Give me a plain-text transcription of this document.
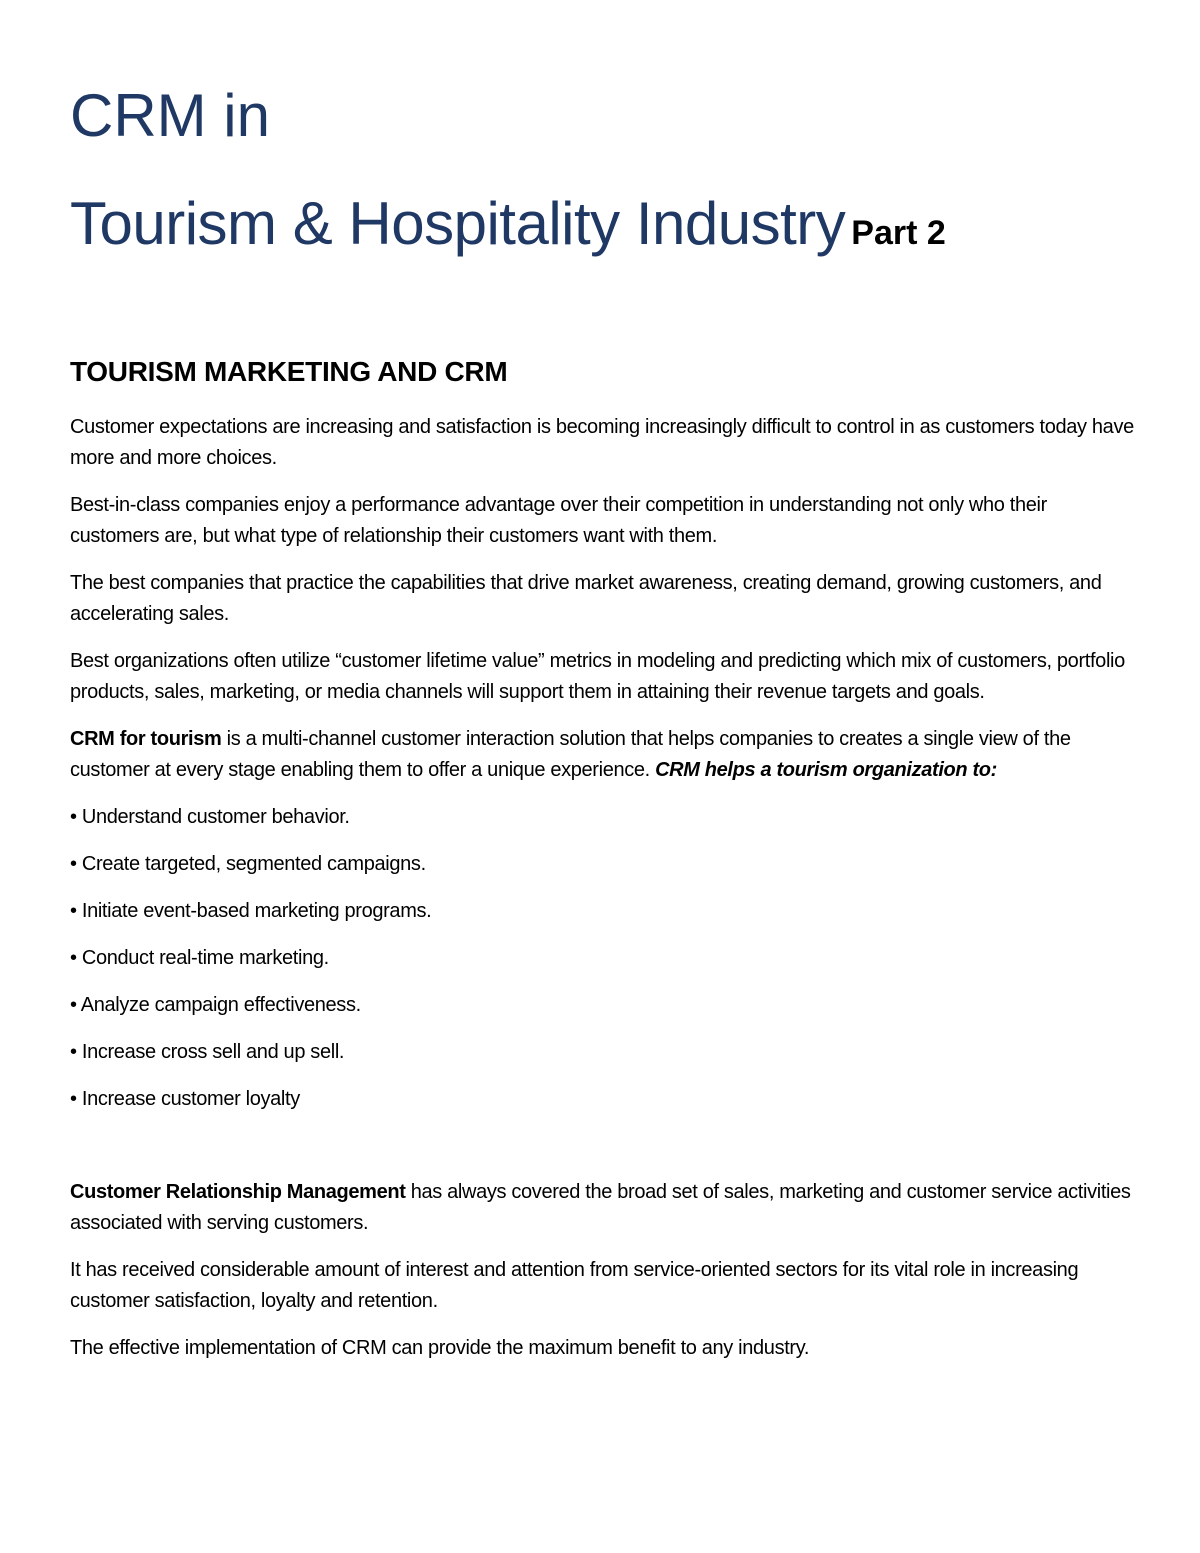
CRM in
Tourism & Hospitality Industry Part 2
TOURISM MARKETING AND CRM

Customer expectations are increasing and satisfaction is becoming increasingly difficult to control in as customers today have more and more choices.

Best-in-class companies enjoy a performance advantage over their competition in understanding not only who their customers are, but what type of relationship their customers want with them.

The best companies that practice the capabilities that drive market awareness, creating demand, growing customers, and accelerating sales.

Best organizations often utilize “customer lifetime value” metrics in modeling and predicting which mix of customers, portfolio products, sales, marketing, or media channels will support them in attaining their revenue targets and goals.

CRM for tourism is a multi-channel customer interaction solution that helps companies to creates a single view of the customer at every stage enabling them to offer a unique experience. CRM helps a tourism organization to:

• Understand customer behavior.

• Create targeted, segmented campaigns.

• Initiate event-based marketing programs.

• Conduct real-time marketing.

• Analyze campaign effectiveness.

• Increase cross sell and up sell.

• Increase customer loyalty

Customer Relationship Management has always covered the broad set of sales, marketing and customer service activities associated with serving customers.

It has received considerable amount of interest and attention from service-oriented sectors for its vital role in increasing customer satisfaction, loyalty and retention.

The effective implementation of CRM can provide the maximum benefit to any industry.
